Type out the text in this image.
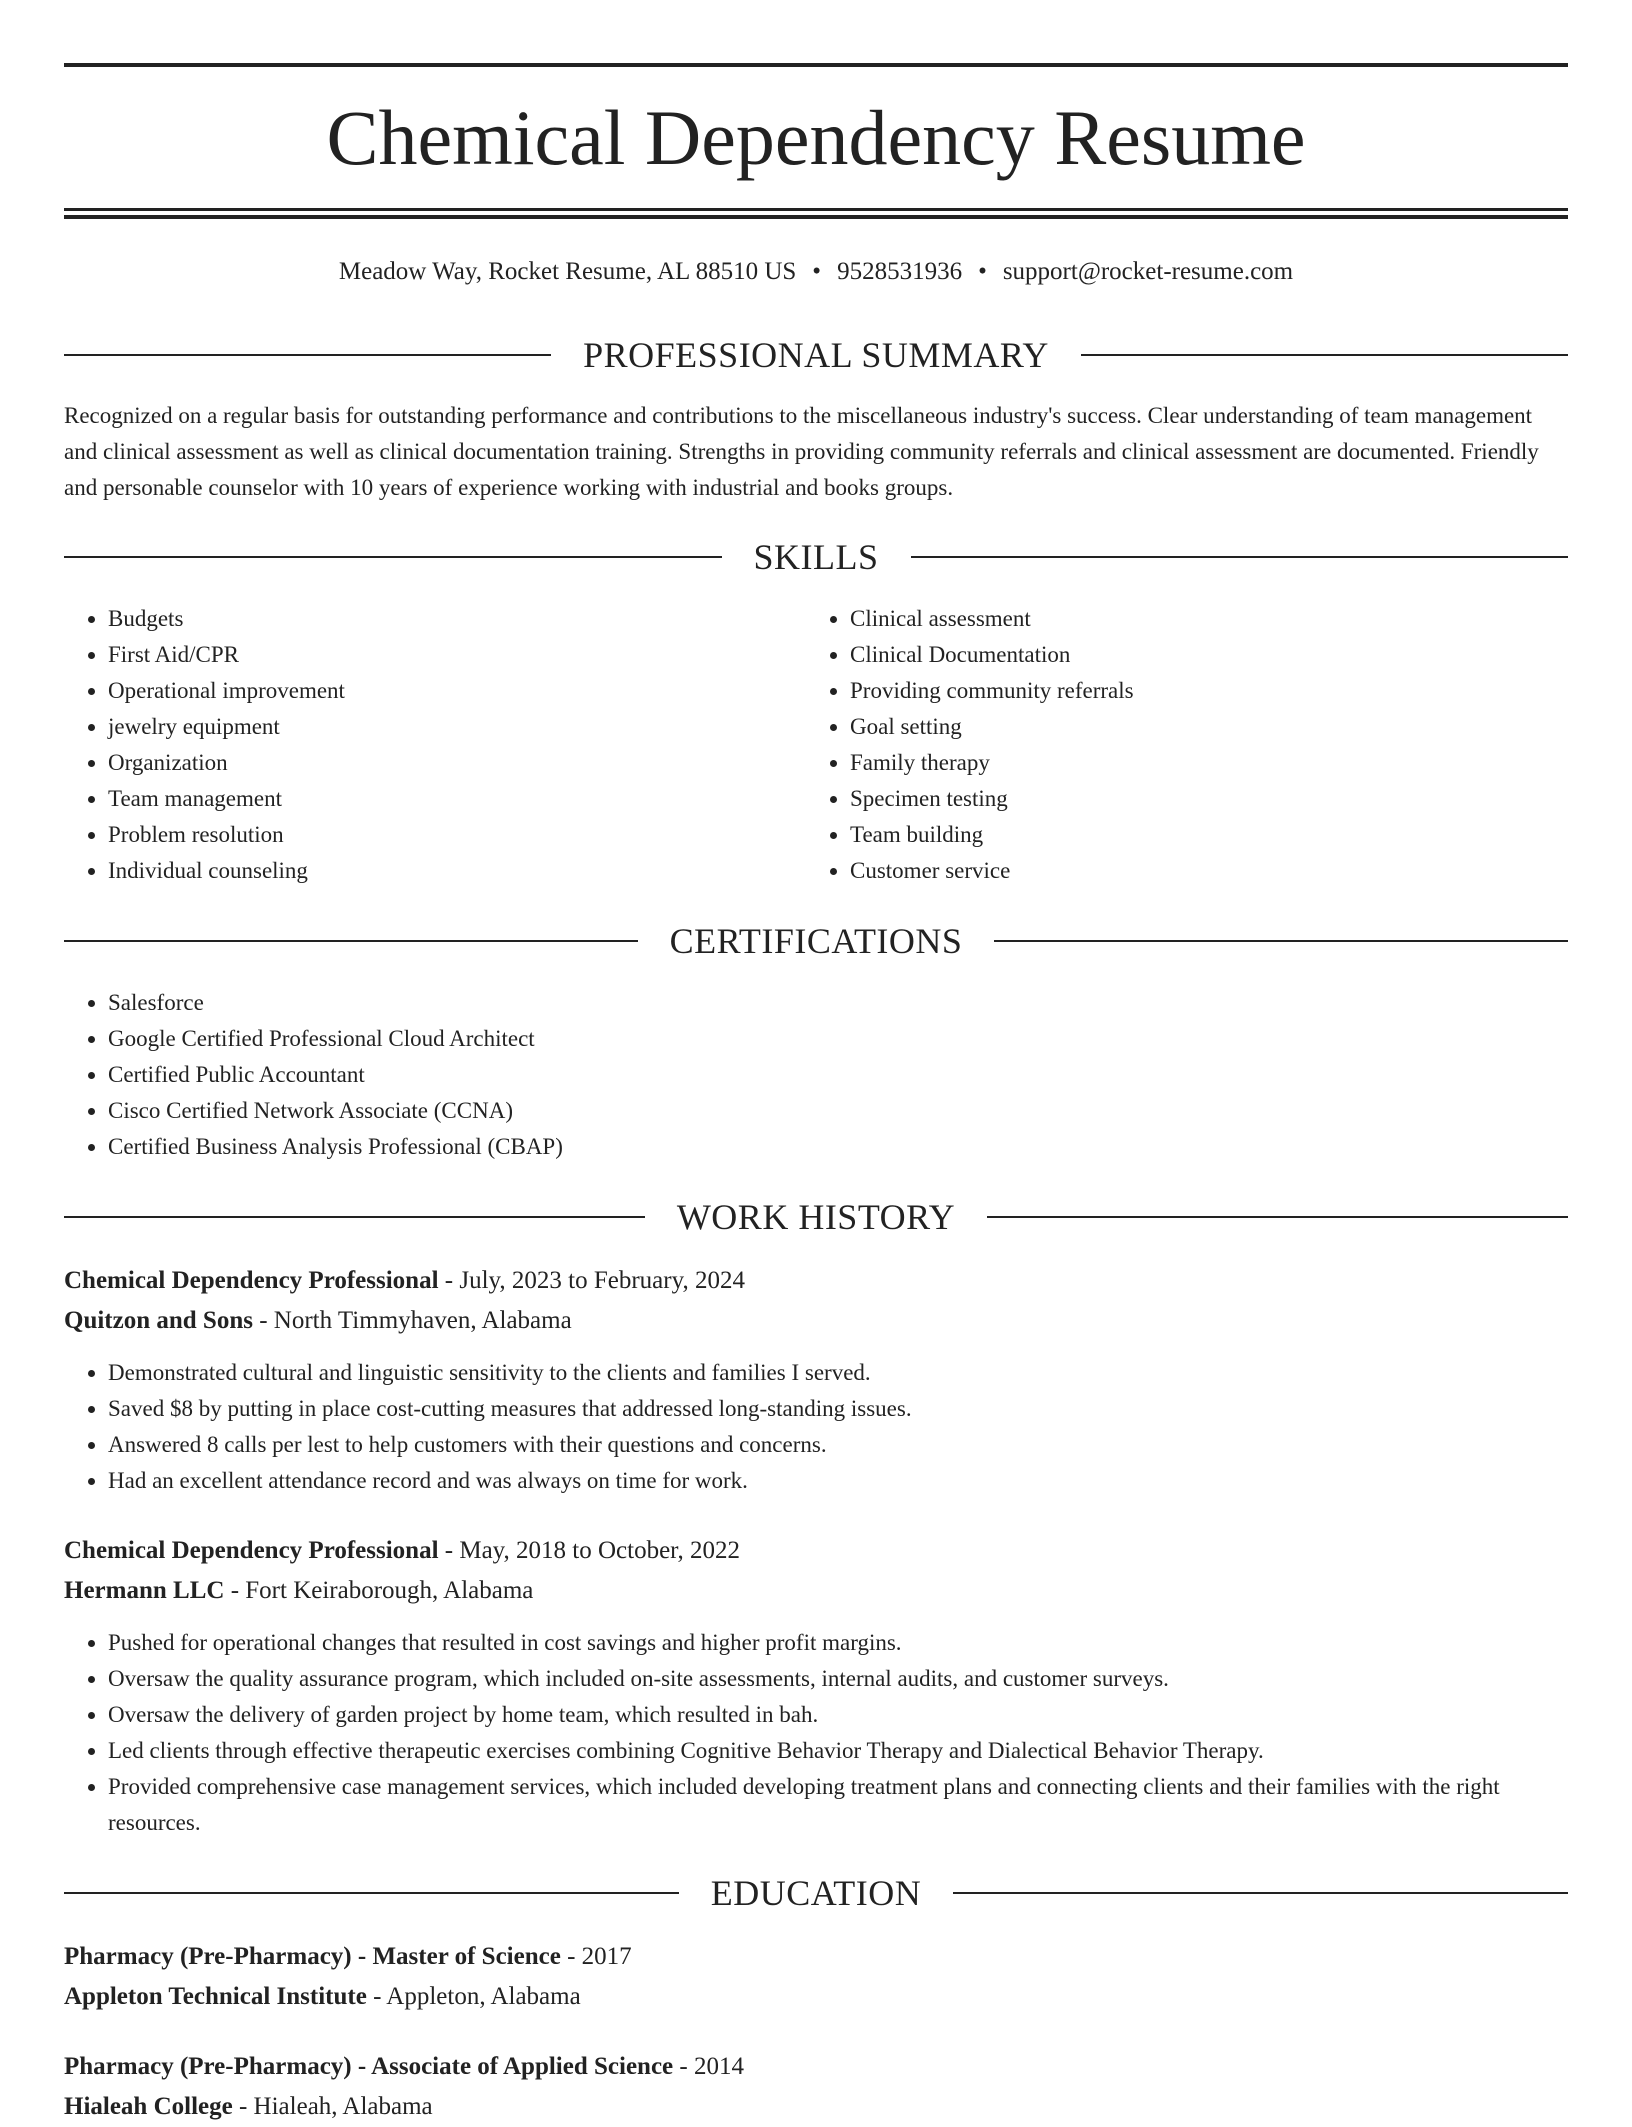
Chemical Dependency Resume
Meadow Way, Rocket Resume, AL 88510 US • 9528531936 • support@rocket-resume.com
PROFESSIONAL SUMMARY

Recognized on a regular basis for outstanding performance and contributions to the miscellaneous industry's success. Clear understanding of team management and clinical assessment as well as clinical documentation training. Strengths in providing community referrals and clinical assessment are documented. Friendly and personable counselor with 10 years of experience working with industrial and books groups.

SKILLS
• Budgets
• First Aid/CPR
• Operational improvement
• jewelry equipment
• Organization
• Team management
• Problem resolution
• Individual counseling
• Clinical assessment
• Clinical Documentation
• Providing community referrals
• Goal setting
• Family therapy
• Specimen testing
• Team building
• Customer service
CERTIFICATIONS
• Salesforce
• Google Certified Professional Cloud Architect
• Certified Public Accountant
• Cisco Certified Network Associate (CCNA)
• Certified Business Analysis Professional (CBAP)
WORK HISTORY

Chemical Dependency Professional - July, 2023 to February, 2024

Quitzon and Sons - North Timmyhaven, Alabama

• Demonstrated cultural and linguistic sensitivity to the clients and families I served.
• Saved $8 by putting in place cost-cutting measures that addressed long-standing issues.
• Answered 8 calls per lest to help customers with their questions and concerns.
• Had an excellent attendance record and was always on time for work.

Chemical Dependency Professional - May, 2018 to October, 2022

Hermann LLC - Fort Keiraborough, Alabama

• Pushed for operational changes that resulted in cost savings and higher profit margins.
• Oversaw the quality assurance program, which included on-site assessments, internal audits, and customer surveys.
• Oversaw the delivery of garden project by home team, which resulted in bah.
• Led clients through effective therapeutic exercises combining Cognitive Behavior Therapy and Dialectical Behavior Therapy.
• Provided comprehensive case management services, which included developing treatment plans and connecting clients and their families with the right resources.
EDUCATION

Pharmacy (Pre-Pharmacy) - Master of Science - 2017

Appleton Technical Institute - Appleton, Alabama

Pharmacy (Pre-Pharmacy) - Associate of Applied Science - 2014

Hialeah College - Hialeah, Alabama
